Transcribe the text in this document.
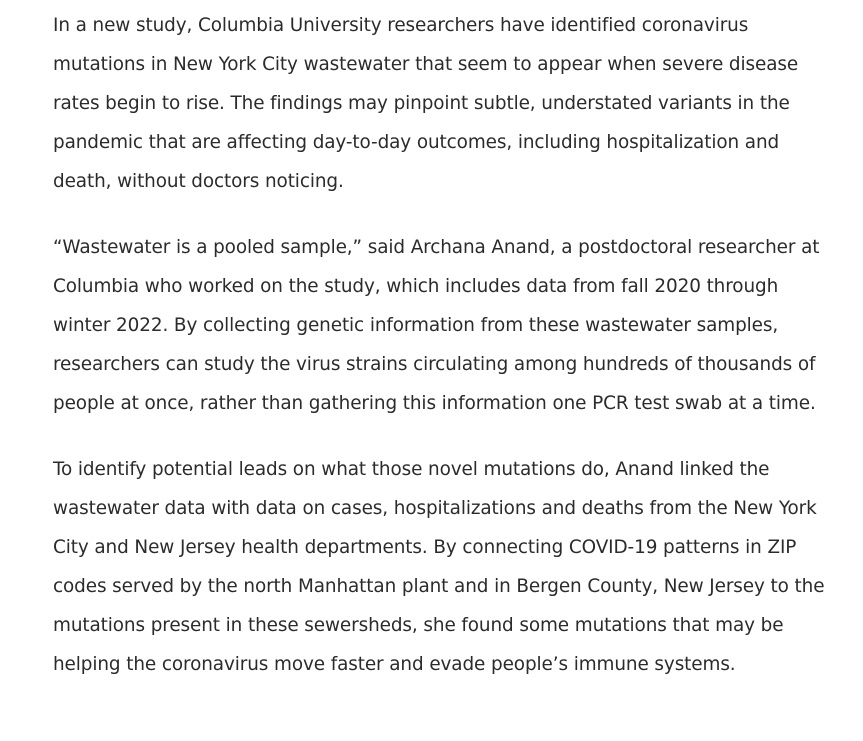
In a new study, Columbia University researchers have identified coronavirus mutations in New York City wastewater that seem to appear when severe disease rates begin to rise. The findings may pinpoint subtle, understated variants in the pandemic that are affecting day-to-day outcomes, including hospitalization and death, without doctors noticing.

“Wastewater is a pooled sample,” said Archana Anand, a postdoctoral researcher at Columbia who worked on the study, which includes data from fall 2020 through winter 2022. By collecting genetic information from these wastewater samples, researchers can study the virus strains circulating among hundreds of thousands of people at once, rather than gathering this information one PCR test swab at a time.

To identify potential leads on what those novel mutations do, Anand linked the wastewater data with data on cases, hospitalizations and deaths from the New York City and New Jersey health departments. By connecting COVID-19 patterns in ZIP codes served by the north Manhattan plant and in Bergen County, New Jersey to the mutations present in these sewersheds, she found some mutations that may be helping the coronavirus move faster and evade people’s immune systems.
